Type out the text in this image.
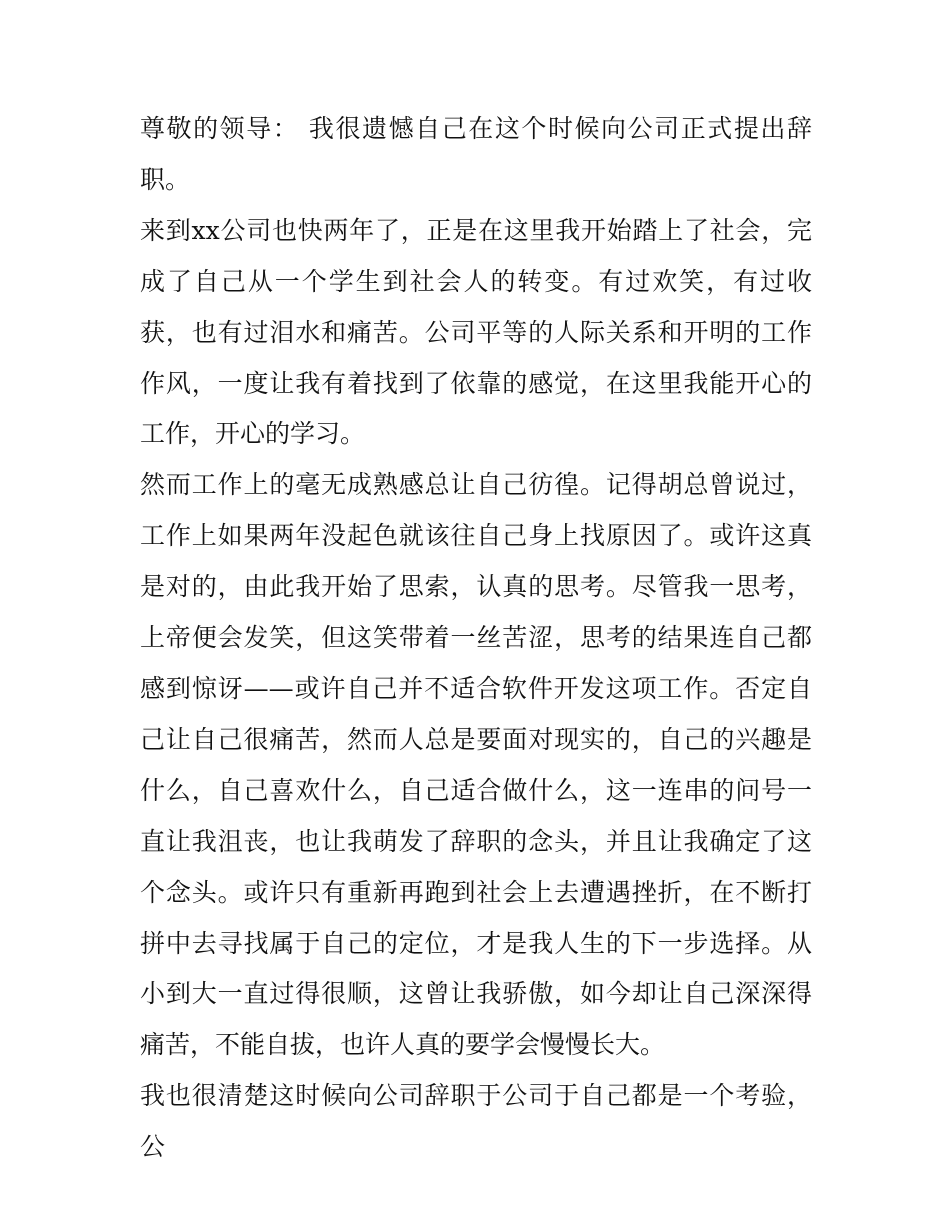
尊敬的领导： 我很遗憾自己在这个时候向公司正式提出辞职。

来到xx公司也快两年了，正是在这里我开始踏上了社会，完成了自己从一个学生到社会人的转变。有过欢笑，有过收获，也有过泪水和痛苦。公司平等的人际关系和开明的工作作风，一度让我有着找到了依靠的感觉，在这里我能开心的工作，开心的学习。

然而工作上的毫无成熟感总让自己彷徨。记得胡总曾说过，工作上如果两年没起色就该往自己身上找原因了。或许这真是对的，由此我开始了思索，认真的思考。尽管我一思考，上帝便会发笑，但这笑带着一丝苦涩，思考的结果连自己都感到惊讶——或许自己并不适合软件开发这项工作。否定自己让自己很痛苦，然而人总是要面对现实的，自己的兴趣是什么，自己喜欢什么，自己适合做什么，这一连串的问号一直让我沮丧，也让我萌发了辞职的念头，并且让我确定了这个念头。或许只有重新再跑到社会上去遭遇挫折，在不断打拼中去寻找属于自己的定位，才是我人生的下一步选择。从小到大一直过得很顺，这曾让我骄傲，如今却让自己深深得痛苦，不能自拔，也许人真的要学会慢慢长大。

我也很清楚这时候向公司辞职于公司于自己都是一个考验，公
